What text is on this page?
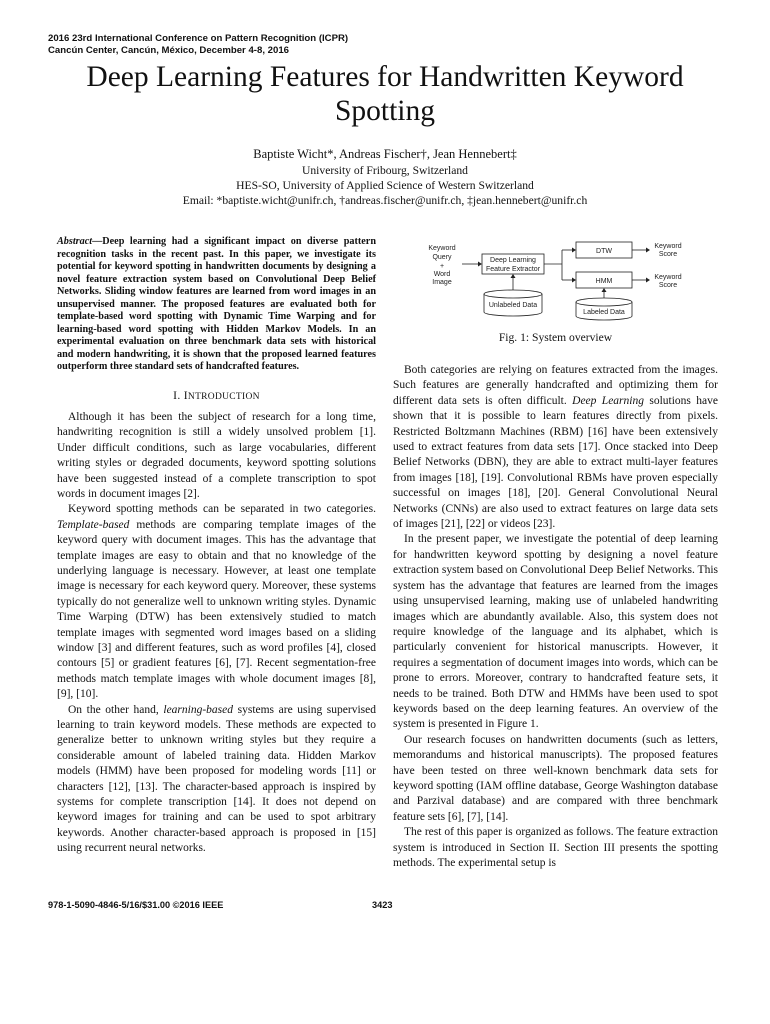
2016 23rd International Conference on Pattern Recognition (ICPR)
Cancún Center, Cancún, México, December 4-8, 2016
Deep Learning Features for Handwritten Keyword Spotting
Baptiste Wicht*, Andreas Fischer†, Jean Hennebert‡
University of Fribourg, Switzerland
HES-SO, University of Applied Science of Western Switzerland
Email: *baptiste.wicht@unifr.ch, †andreas.fischer@unifr.ch, ‡jean.hennebert@unifr.ch
Abstract—Deep learning had a significant impact on diverse pattern recognition tasks in the recent past. In this paper, we investigate its potential for keyword spotting in handwritten documents by designing a novel feature extraction system based on Convolutional Deep Belief Networks. Sliding window features are learned from word images in an unsupervised manner. The proposed features are evaluated both for template-based word spotting with Dynamic Time Warping and for learning-based word spotting with Hidden Markov Models. In an experimental evaluation on three benchmark data sets with historical and modern handwriting, it is shown that the proposed learned features outperform three standard sets of handcrafted features.
I. INTRODUCTION

Although it has been the subject of research for a long time, handwriting recognition is still a widely unsolved problem [1]. Under difficult conditions, such as large vocabularies, different writing styles or degraded documents, keyword spotting solutions have been suggested instead of a complete transcription to spot words in document images [2].

Keyword spotting methods can be separated in two categories. Template-based methods are comparing template images of the keyword query with document images. This has the advantage that template images are easy to obtain and that no knowledge of the underlying language is necessary. However, at least one template image is necessary for each keyword query. Moreover, these systems typically do not generalize well to unknown writing styles. Dynamic Time Warping (DTW) has been extensively studied to match template images with segmented word images based on a sliding window [3] and different features, such as word profiles [4], closed contours [5] or gradient features [6], [7]. Recent segmentation-free methods match template images with whole document images [8], [9], [10].

On the other hand, learning-based systems are using supervised learning to train keyword models. These methods are expected to generalize better to unknown writing styles but they require a considerable amount of labeled training data. Hidden Markov models (HMM) have been proposed for modeling words [11] or characters [12], [13]. The character-based approach is inspired by systems for complete transcription [14]. It does not depend on keyword images for training and can be used to spot arbitrary keywords. Another character-based approach is proposed in [15] using recurrent neural networks.

Keyword
Query
+
Word
Image
Deep Learning
Feature Extractor
DTW
HMM
Keyword
Score
Keyword
Score
Unlabeled Data
Labeled Data
Fig. 1: System overview

Both categories are relying on features extracted from the images. Such features are generally handcrafted and optimizing them for different data sets is often difficult. Deep Learning solutions have shown that it is possible to learn features directly from pixels. Restricted Boltzmann Machines (RBM) [16] have been extensively used to extract features from data sets [17]. Once stacked into Deep Belief Networks (DBN), they are able to extract multi-layer features from images [18], [19]. Convolutional RBMs have proven especially successful on images [18], [20]. General Convolutional Neural Networks (CNNs) are also used to extract features on large data sets of images [21], [22] or videos [23].

In the present paper, we investigate the potential of deep learning for handwritten keyword spotting by designing a novel feature extraction system based on Convolutional Deep Belief Networks. This system has the advantage that features are learned from the images using unsupervised learning, making use of unlabeled handwriting images which are abundantly available. Also, this system does not require knowledge of the language and its alphabet, which is particularly convenient for historical manuscripts. However, it requires a segmentation of document images into words, which can be prone to errors. Moreover, contrary to handcrafted feature sets, it needs to be trained. Both DTW and HMMs have been used to spot keywords based on the deep learning features. An overview of the system is presented in Figure 1.

Our research focuses on handwritten documents (such as letters, memorandums and historical manuscripts). The proposed features have been tested on three well-known benchmark data sets for keyword spotting (IAM offline database, George Washington database and Parzival database) and are compared with three benchmark feature sets [6], [7], [14].

The rest of this paper is organized as follows. The feature extraction system is introduced in Section II. Section III presents the spotting methods. The experimental setup is

978-1-5090-4846-5/16/$31.00 ©2016 IEEE	3423
